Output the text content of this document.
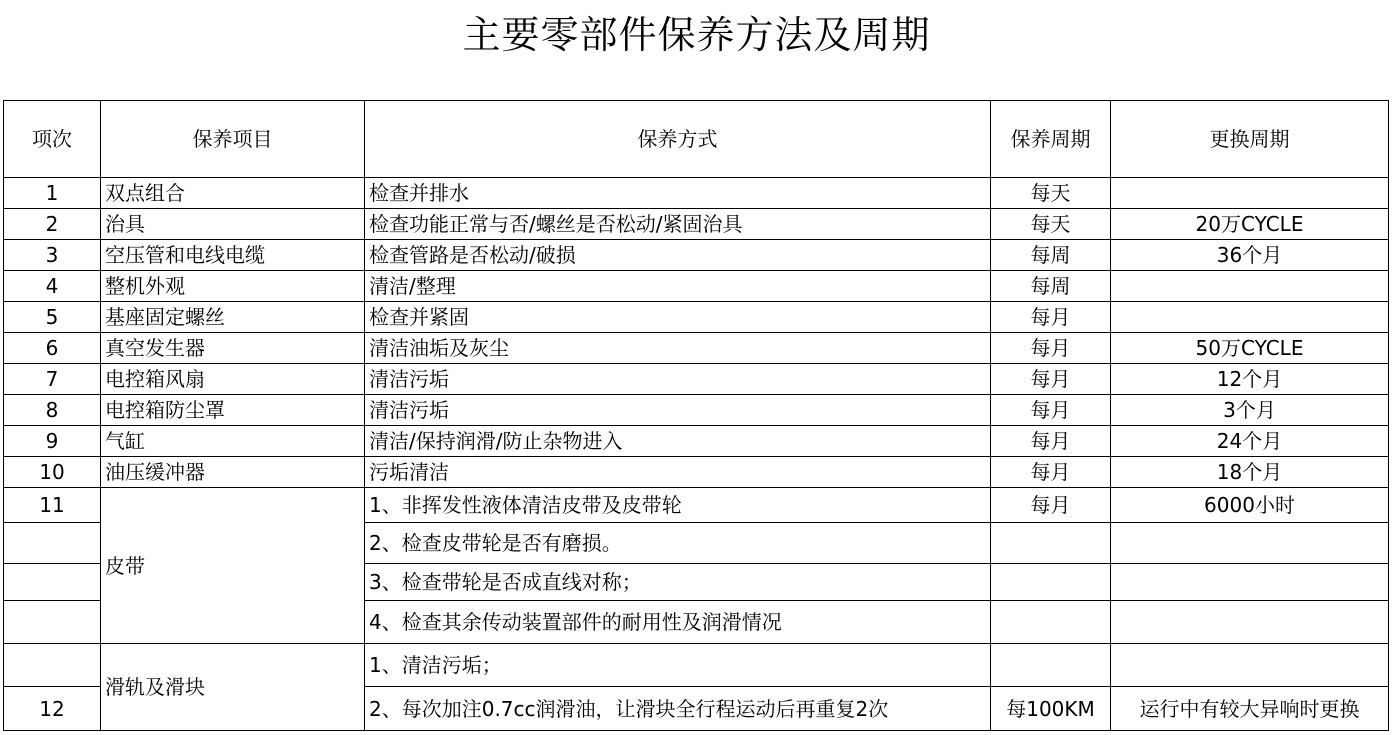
主要零部件保养方法及周期
项次	保养项目	保养方式	保养周期	更换周期
1	双点组合	检查并排水	每天	
2	治具	检查功能正常与否/螺丝是否松动/紧固治具	每天	20万CYCLE
3	空压管和电线电缆	检查管路是否松动/破损	每周	36个月
4	整机外观	清洁/整理	每周	
5	基座固定螺丝	检查并紧固	每月	
6	真空发生器	清洁油垢及灰尘	每月	50万CYCLE
7	电控箱风扇	清洁污垢	每月	12个月
8	电控箱防尘罩	清洁污垢	每月	3个月
9	气缸	清洁/保持润滑/防止杂物进入	每月	24个月
10	油压缓冲器	污垢清洁	每月	18个月
11	皮带	1、非挥发性液体清洁皮带及皮带轮	每月	6000小时
		2、检查皮带轮是否有磨损。		
		3、检查带轮是否成直线对称；		
		4、检查其余传动装置部件的耐用性及润滑情况		
	滑轨及滑块	1、清洁污垢；		
12		2、每次加注0.7cc润滑油，让滑块全行程运动后再重复2次	每100KM	运行中有较大异响时更换
